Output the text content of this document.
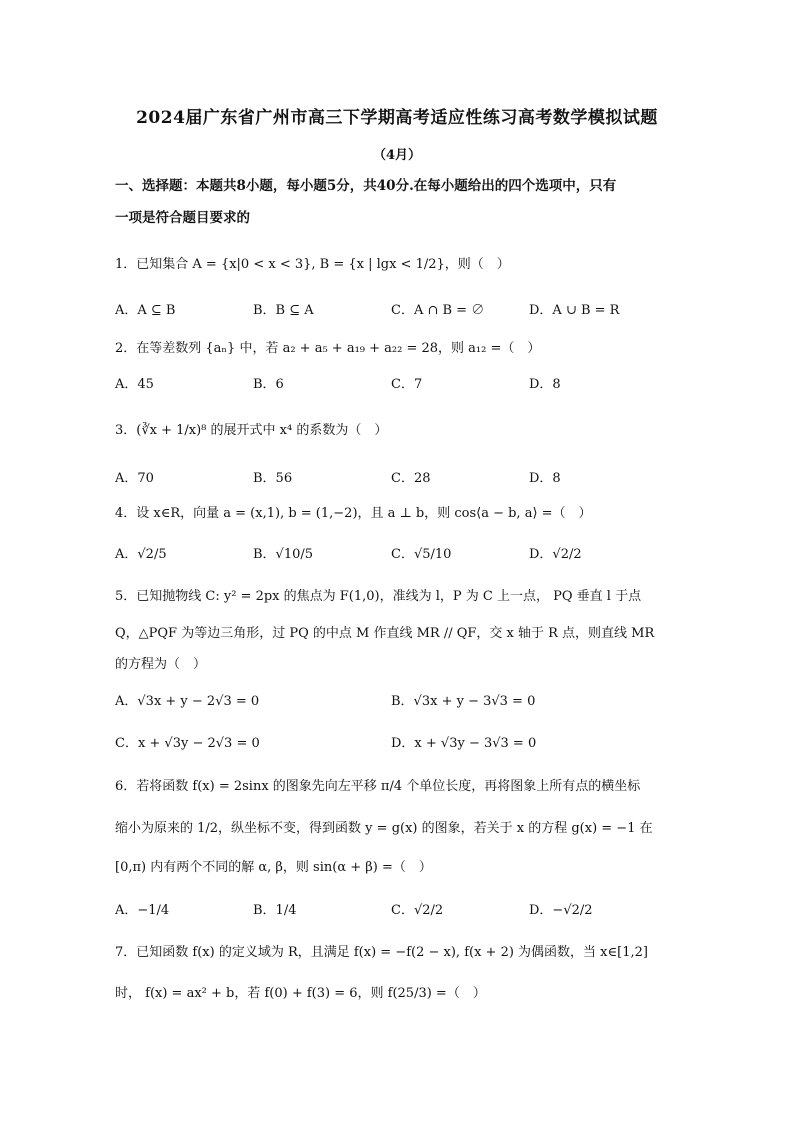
2024届广东省广州市高三下学期高考适应性练习高考数学模拟试题
（4月）
一、选择题：本题共8小题，每小题5分，共40分.在每小题给出的四个选项中，只有
一项是符合题目要求的
1．已知集合 A = {x|0 < x < 3}, B = {x | lgx < 1/2}，则（　）
A．A ⊆ B	B．B ⊆ A	C．A ∩ B = ∅	D．A ∪ B = R
2．在等差数列 {aₙ} 中，若 a₂ + a₅ + a₁₉ + a₂₂ = 28，则 a₁₂ =（　）
A．45	B．6	C．7	D．8
3．(∛x + 1/x)⁸ 的展开式中 x⁴ 的系数为（　）
A．70	B．56	C．28	D．8
4．设 x∈R，向量 a = (x,1), b = (1,−2)，且 a ⊥ b，则 cos⟨a − b, a⟩ =（　）
A．√2/5	B．√10/5	C．√5/10	D．√2/2
5．已知抛物线 C: y² = 2px 的焦点为 F(1,0)，准线为 l，P 为 C 上一点， PQ 垂直 l 于点
Q，△PQF 为等边三角形，过 PQ 的中点 M 作直线 MR // QF，交 x 轴于 R 点，则直线 MR
的方程为（　）
A．√3x + y − 2√3 = 0	B．√3x + y − 3√3 = 0
C．x + √3y − 2√3 = 0	D．x + √3y − 3√3 = 0
6．若将函数 f(x) = 2sinx 的图象先向左平移 π/4 个单位长度，再将图象上所有点的横坐标
缩小为原来的 1/2，纵坐标不变，得到函数 y = g(x) 的图象，若关于 x 的方程 g(x) = −1 在
[0,π) 内有两个不同的解 α, β，则 sin(α + β) =（　）
A．−1/4	B．1/4	C．√2/2	D．−√2/2
7．已知函数 f(x) 的定义域为 R，且满足 f(x) = −f(2 − x), f(x + 2) 为偶函数，当 x∈[1,2]
时， f(x) = ax² + b，若 f(0) + f(3) = 6，则 f(25/3) =（　）
